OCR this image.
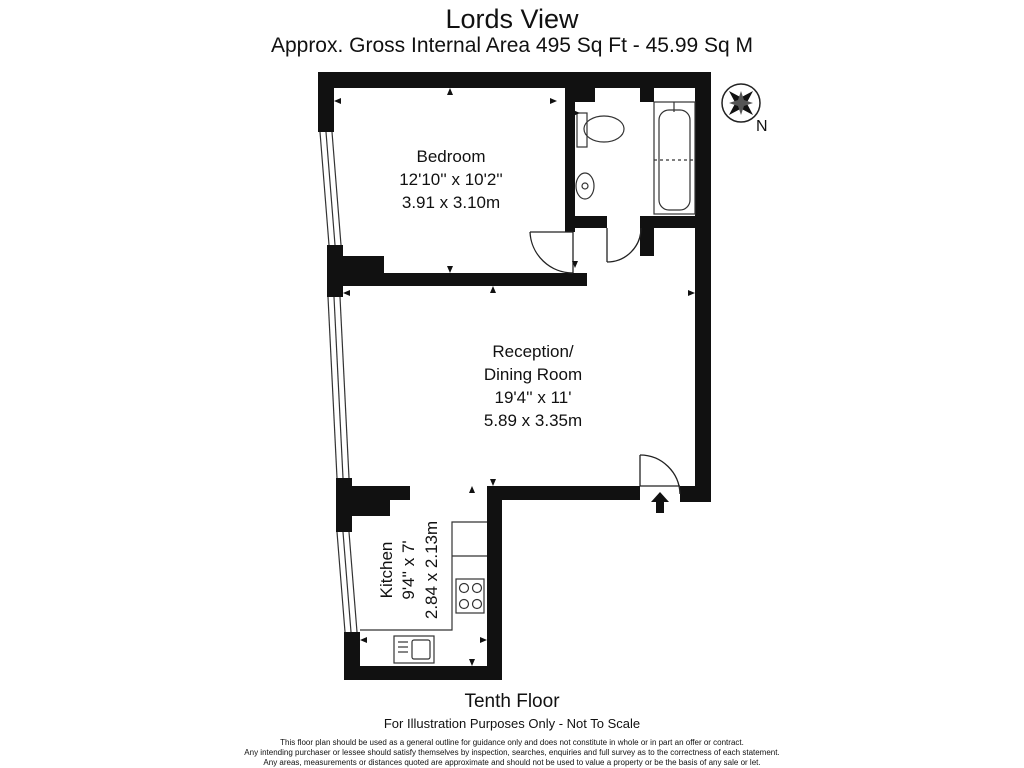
Lords View
Approx. Gross Internal Area 495 Sq Ft - 45.99 Sq M
N
Bedroom
12'10'' x 10'2''
3.91 x 3.10m
Reception/
Dining Room
19'4'' x 11'
5.89 x 3.35m
Kitchen 9'4'' x 7' 2.84 x 2.13m
Tenth Floor
For Illustration Purposes Only - Not To Scale
This floor plan should be used as a general outline for guidance only and does not constitute in whole or in part an offer or contract.
Any intending purchaser or lessee should satisfy themselves by inspection, searches, enquiries and full survey as to the correctness of each statement.
Any areas, measurements or distances quoted are approximate and should not be used to value a property or be the basis of any sale or let.
